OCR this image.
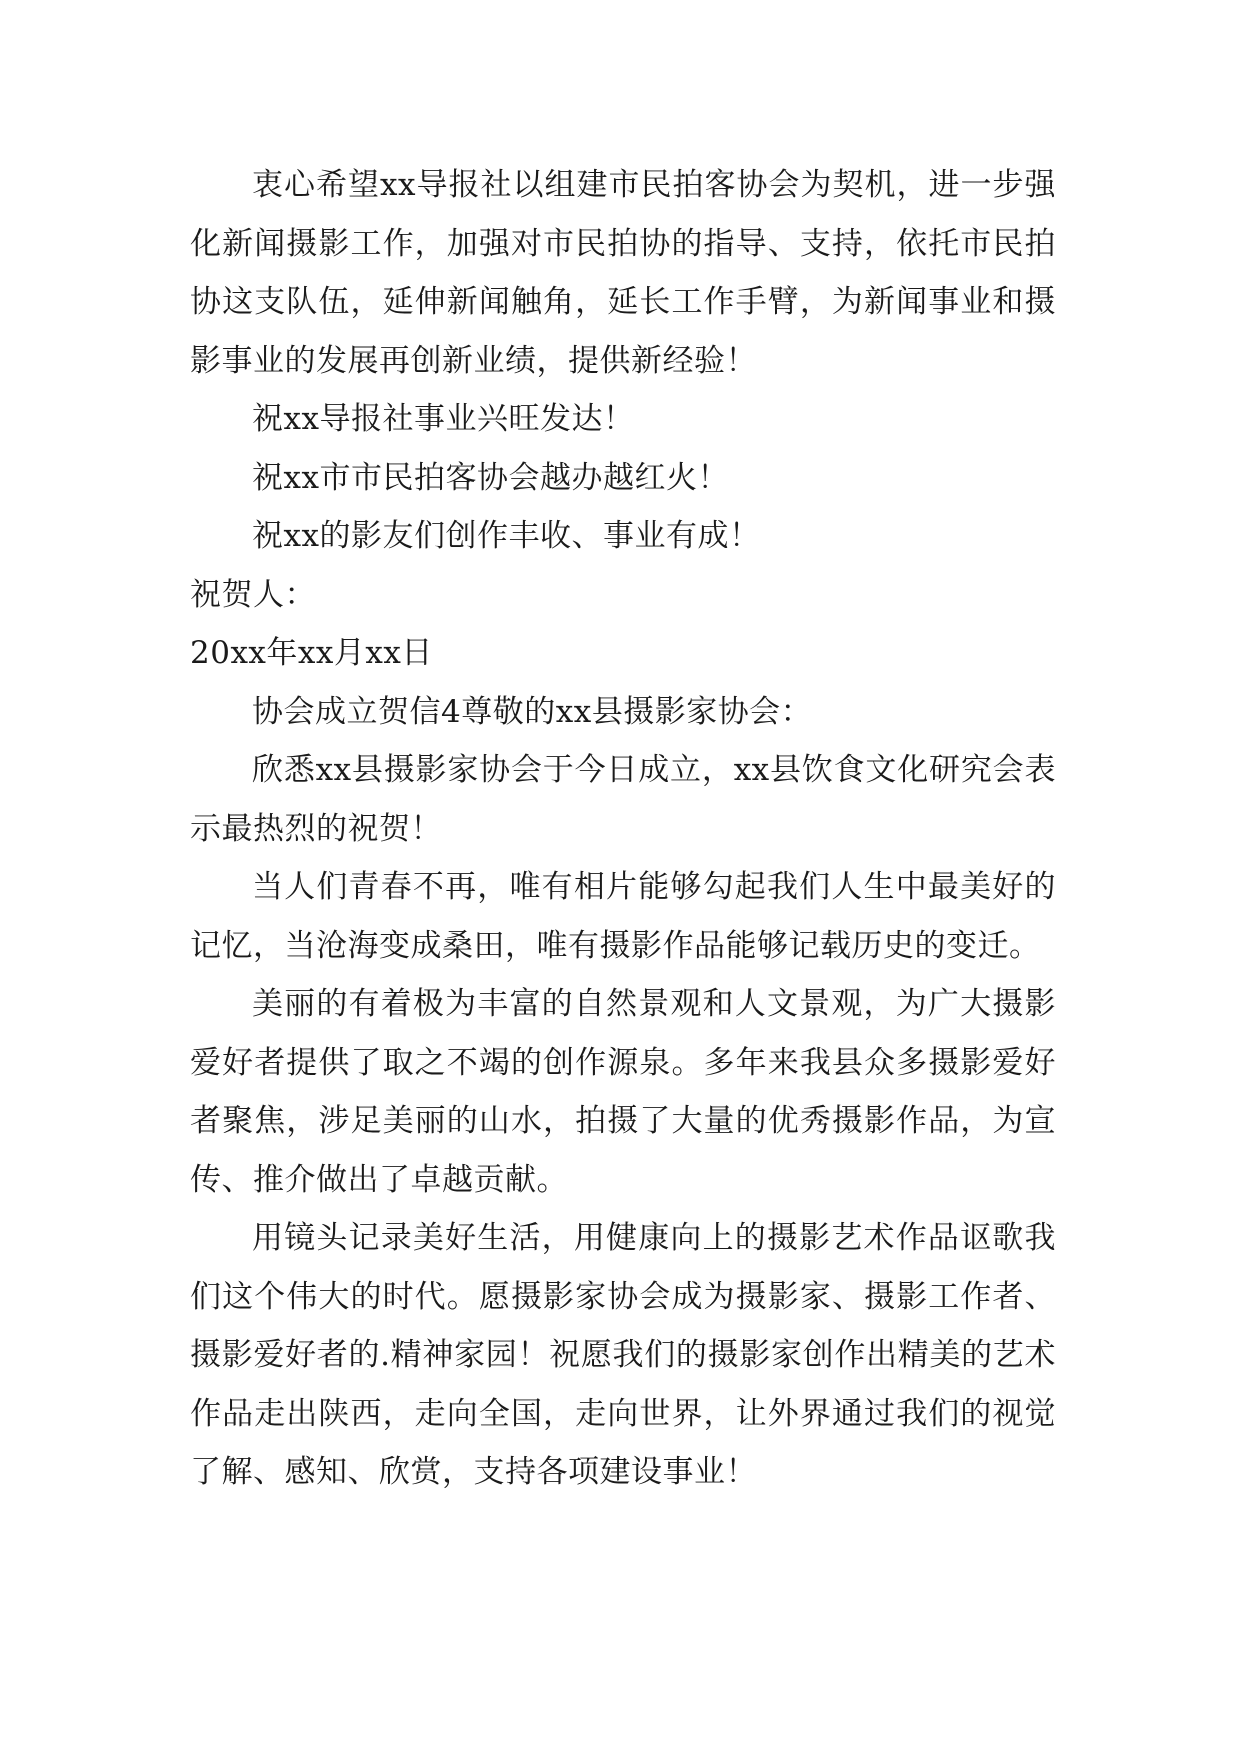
衷心希望xx导报社以组建市民拍客协会为契机，进一步强化新闻摄影工作，加强对市民拍协的指导、支持，依托市民拍协这支队伍，延伸新闻触角，延长工作手臂，为新闻事业和摄影事业的发展再创新业绩，提供新经验！

祝xx导报社事业兴旺发达！

祝xx市市民拍客协会越办越红火！

祝xx的影友们创作丰收、事业有成！

祝贺人：

20xx年xx月xx日

协会成立贺信4尊敬的xx县摄影家协会：

欣悉xx县摄影家协会于今日成立，xx县饮食文化研究会表示最热烈的祝贺！

当人们青春不再，唯有相片能够勾起我们人生中最美好的记忆，当沧海变成桑田，唯有摄影作品能够记载历史的变迁。

美丽的有着极为丰富的自然景观和人文景观，为广大摄影爱好者提供了取之不竭的创作源泉。多年来我县众多摄影爱好者聚焦，涉足美丽的山水，拍摄了大量的优秀摄影作品，为宣传、推介做出了卓越贡献。

用镜头记录美好生活，用健康向上的摄影艺术作品讴歌我们这个伟大的时代。愿摄影家协会成为摄影家、摄影工作者、摄影爱好者的.精神家园！祝愿我们的摄影家创作出精美的艺术作品走出陕西，走向全国，走向世界，让外界通过我们的视觉了解、感知、欣赏，支持各项建设事业！
